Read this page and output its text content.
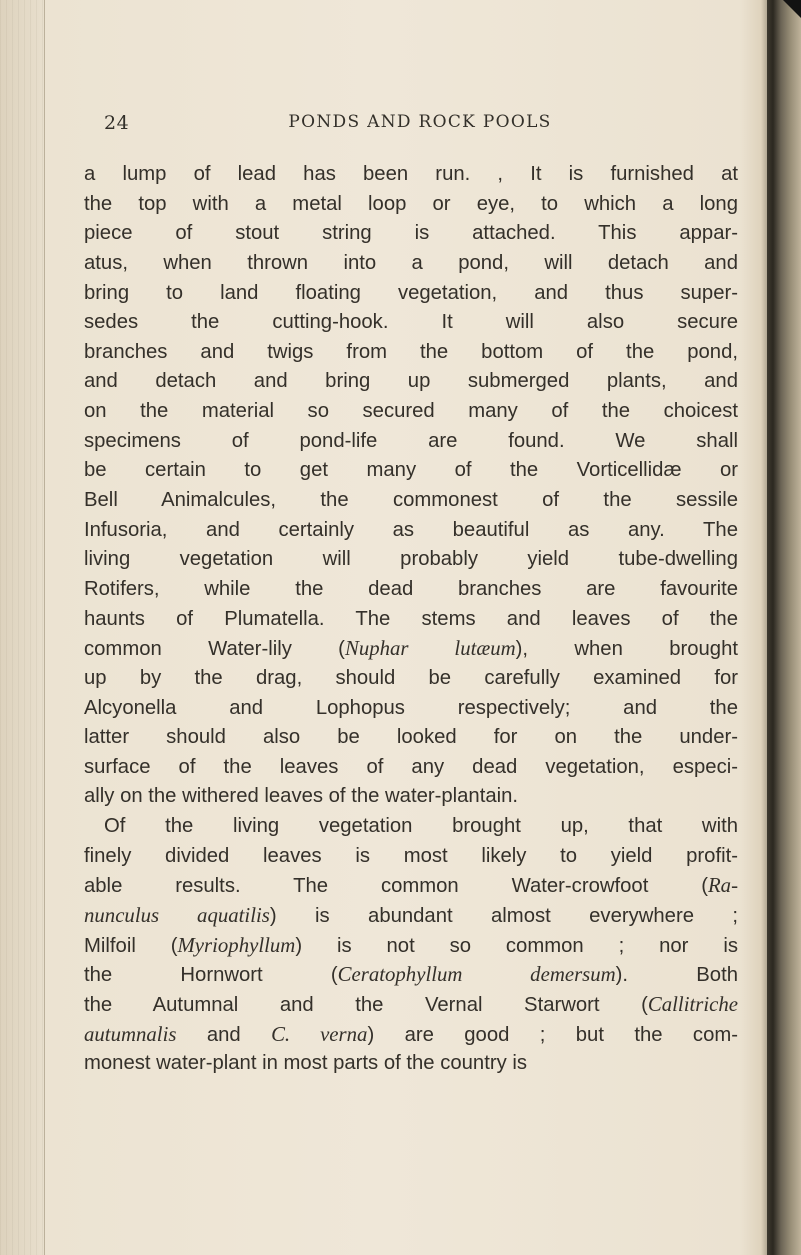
24	PONDS AND ROCK POOLS
a lump of lead has been run. , It is furnished at
the top with a metal loop or eye, to which a long
piece of stout string is attached. This appar-
atus, when thrown into a pond, will detach and
bring to land floating vegetation, and thus super-
sedes the cutting-hook. It will also secure
branches and twigs from the bottom of the pond,
and detach and bring up submerged plants, and
on the material so secured many of the choicest
specimens of pond-life are found. We shall
be certain to get many of the Vorticellidæ or
Bell Animalcules, the commonest of the sessile
Infusoria, and certainly as beautiful as any. The
living vegetation will probably yield tube-dwelling
Rotifers, while the dead branches are favourite
haunts of Plumatella. The stems and leaves of the
common Water-lily (Nuphar lutæum), when brought
up by the drag, should be carefully examined for
Alcyonella and Lophopus respectively; and the
latter should also be looked for on the under-
surface of the leaves of any dead vegetation, especi-
ally on the withered leaves of the water-plantain.
Of the living vegetation brought up, that with
finely divided leaves is most likely to yield profit-
able results. The common Water-crowfoot (Ra-
nunculus aquatilis) is abundant almost everywhere ;
Milfoil (Myriophyllum) is not so common ; nor is
the Hornwort (Ceratophyllum demersum). Both
the Autumnal and the Vernal Starwort (Callitriche
autumnalis and C. verna) are good ; but the com-
monest water-plant in most parts of the country is
